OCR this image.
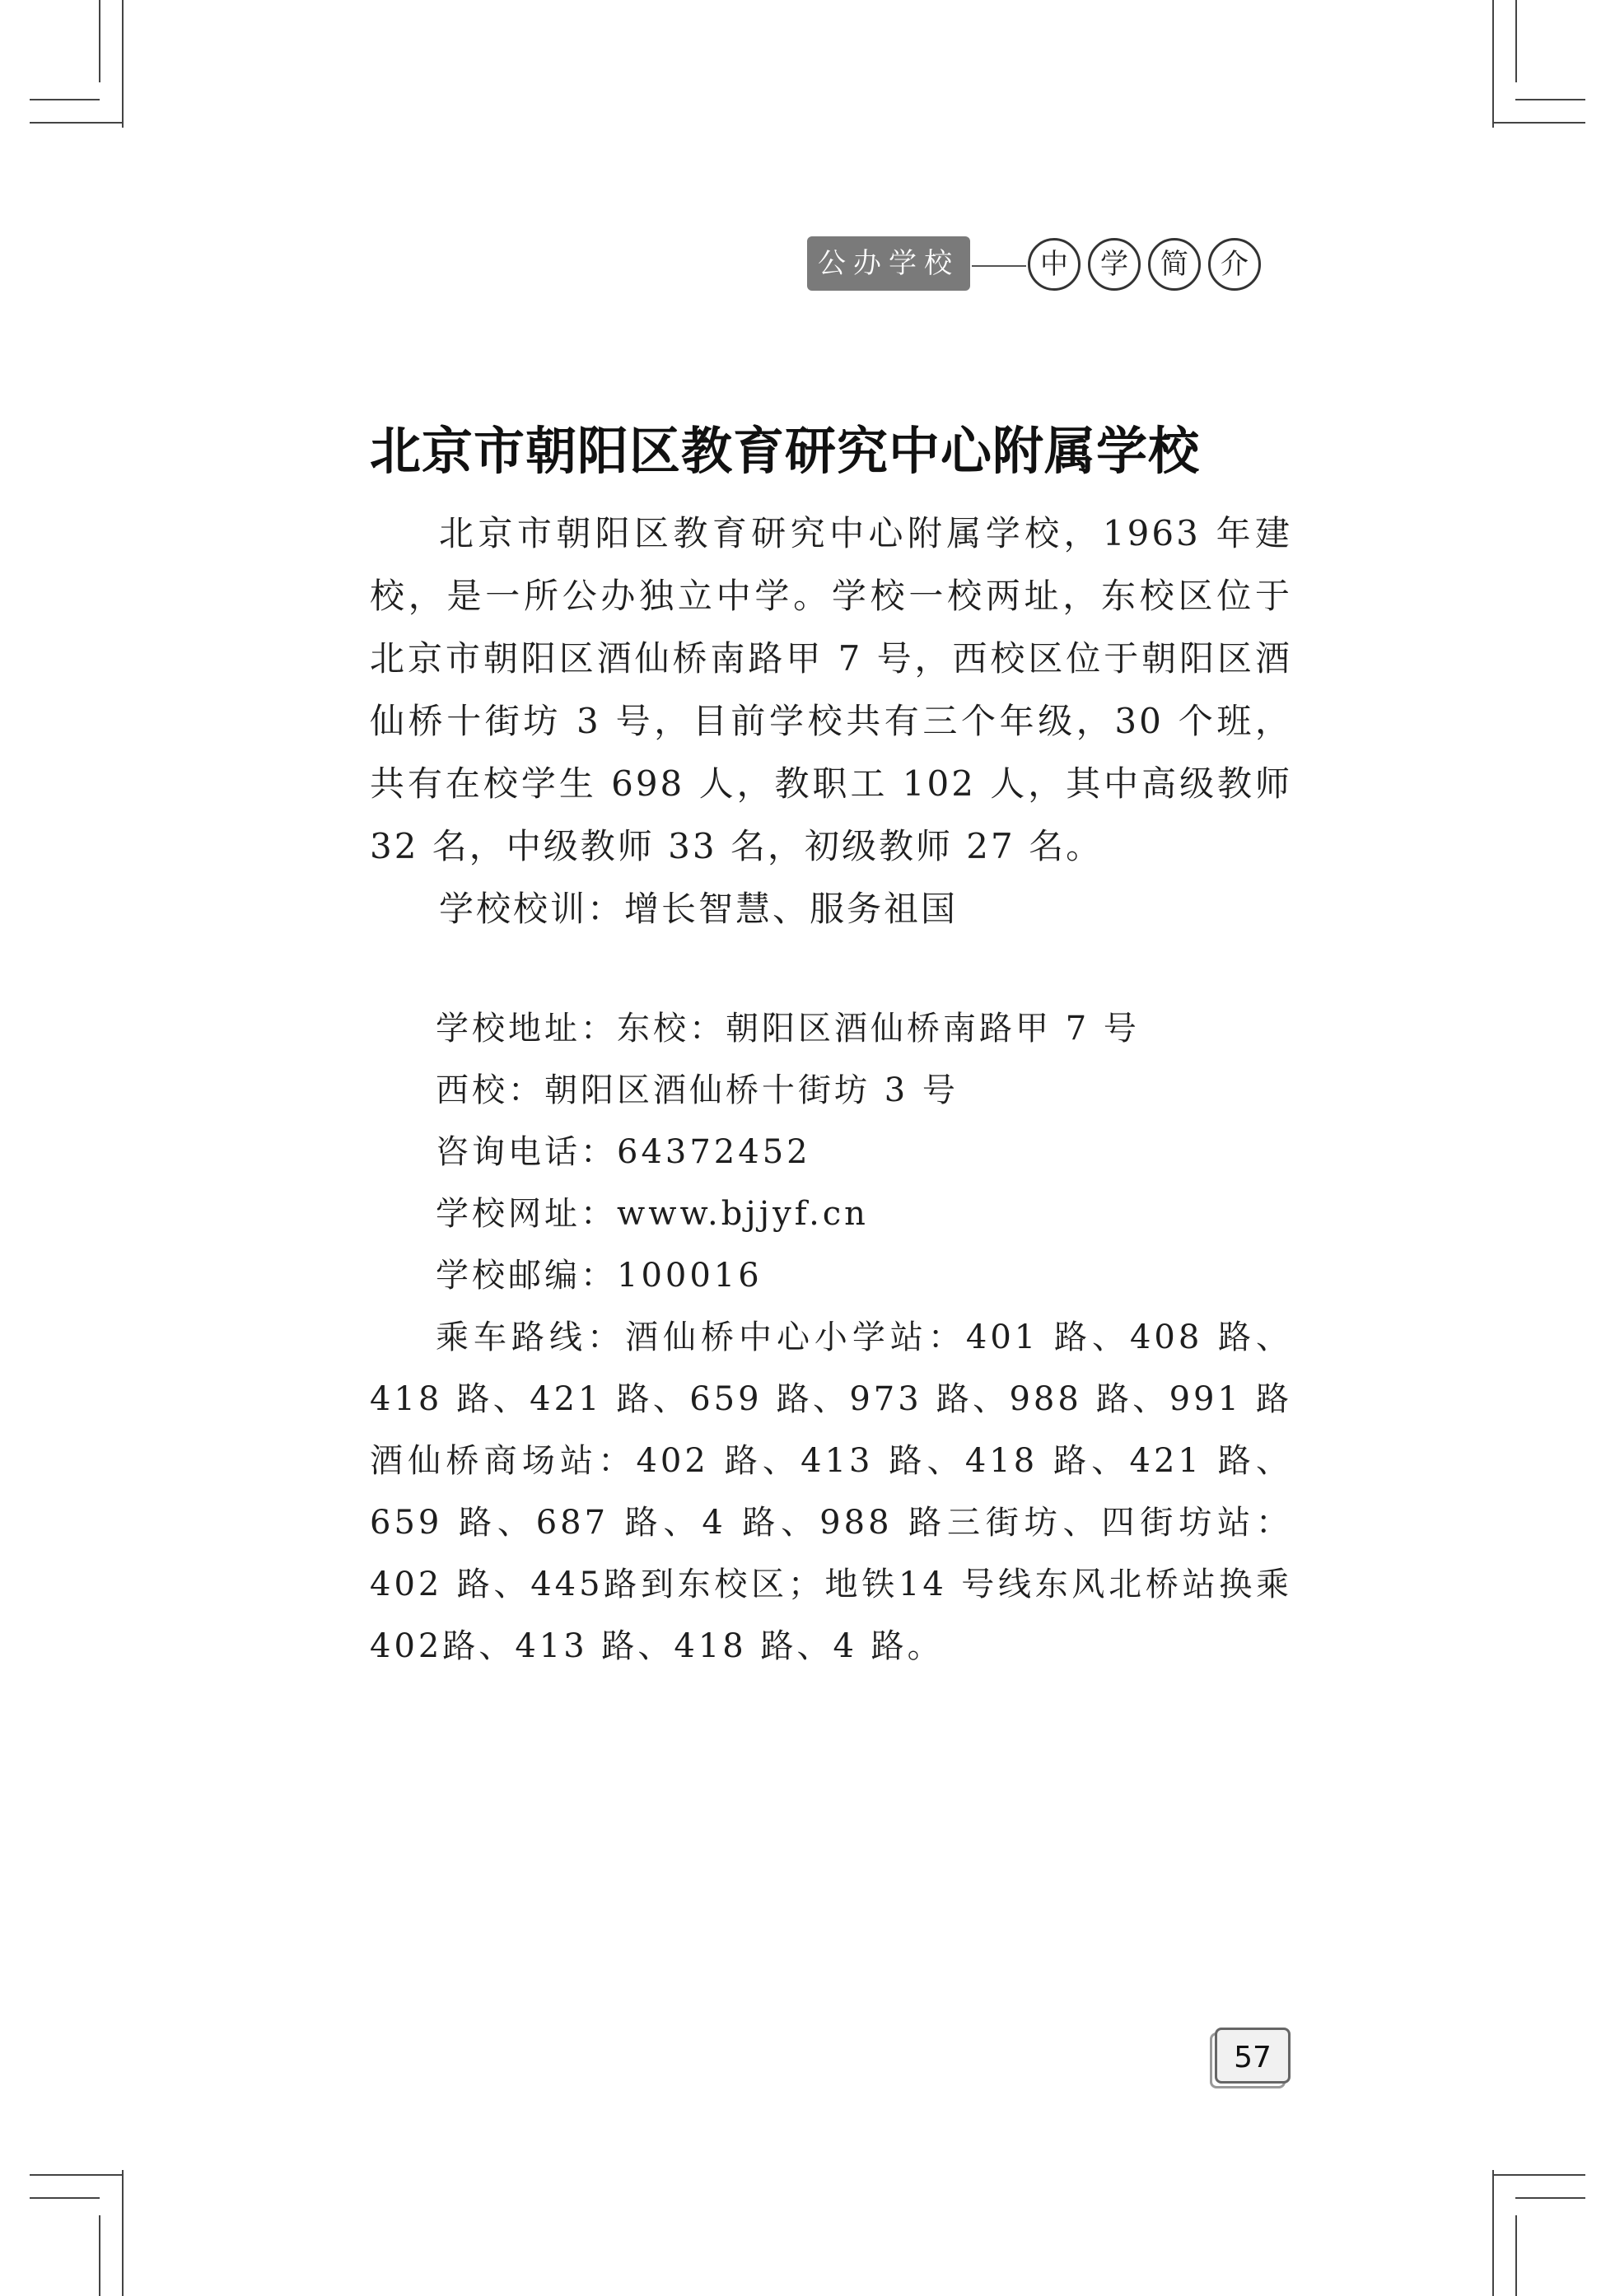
公办学校	中	学	简	介
北京市朝阳区教育研究中心附属学校

北京市朝阳区教育研究中心附属学校，1963 年建校，是一所公办独立中学。学校一校两址，东校区位于北京市朝阳区酒仙桥南路甲 7 号，西校区位于朝阳区酒仙桥十街坊 3 号，目前学校共有三个年级，30 个班，共有在校学生 698 人，教职工 102 人，其中高级教师 32 名，中级教师 33 名，初级教师 27 名。

学校校训：增长智慧、服务祖国

学校地址：东校：朝阳区酒仙桥南路甲 7 号
西校：朝阳区酒仙桥十街坊 3 号
咨询电话：64372452
学校网址：www.bjjyf.cn
学校邮编：100016
乘车路线：酒仙桥中心小学站：401 路、408 路、418 路、421 路、659 路、973 路、988 路、991 路酒仙桥商场站：402 路、413 路、418 路、421 路、 659 路、687 路、4 路、988 路三街坊、四街坊站：402 路、445路到东校区；地铁14 号线东风北桥站换乘402路、413 路、418 路、4 路。
57
